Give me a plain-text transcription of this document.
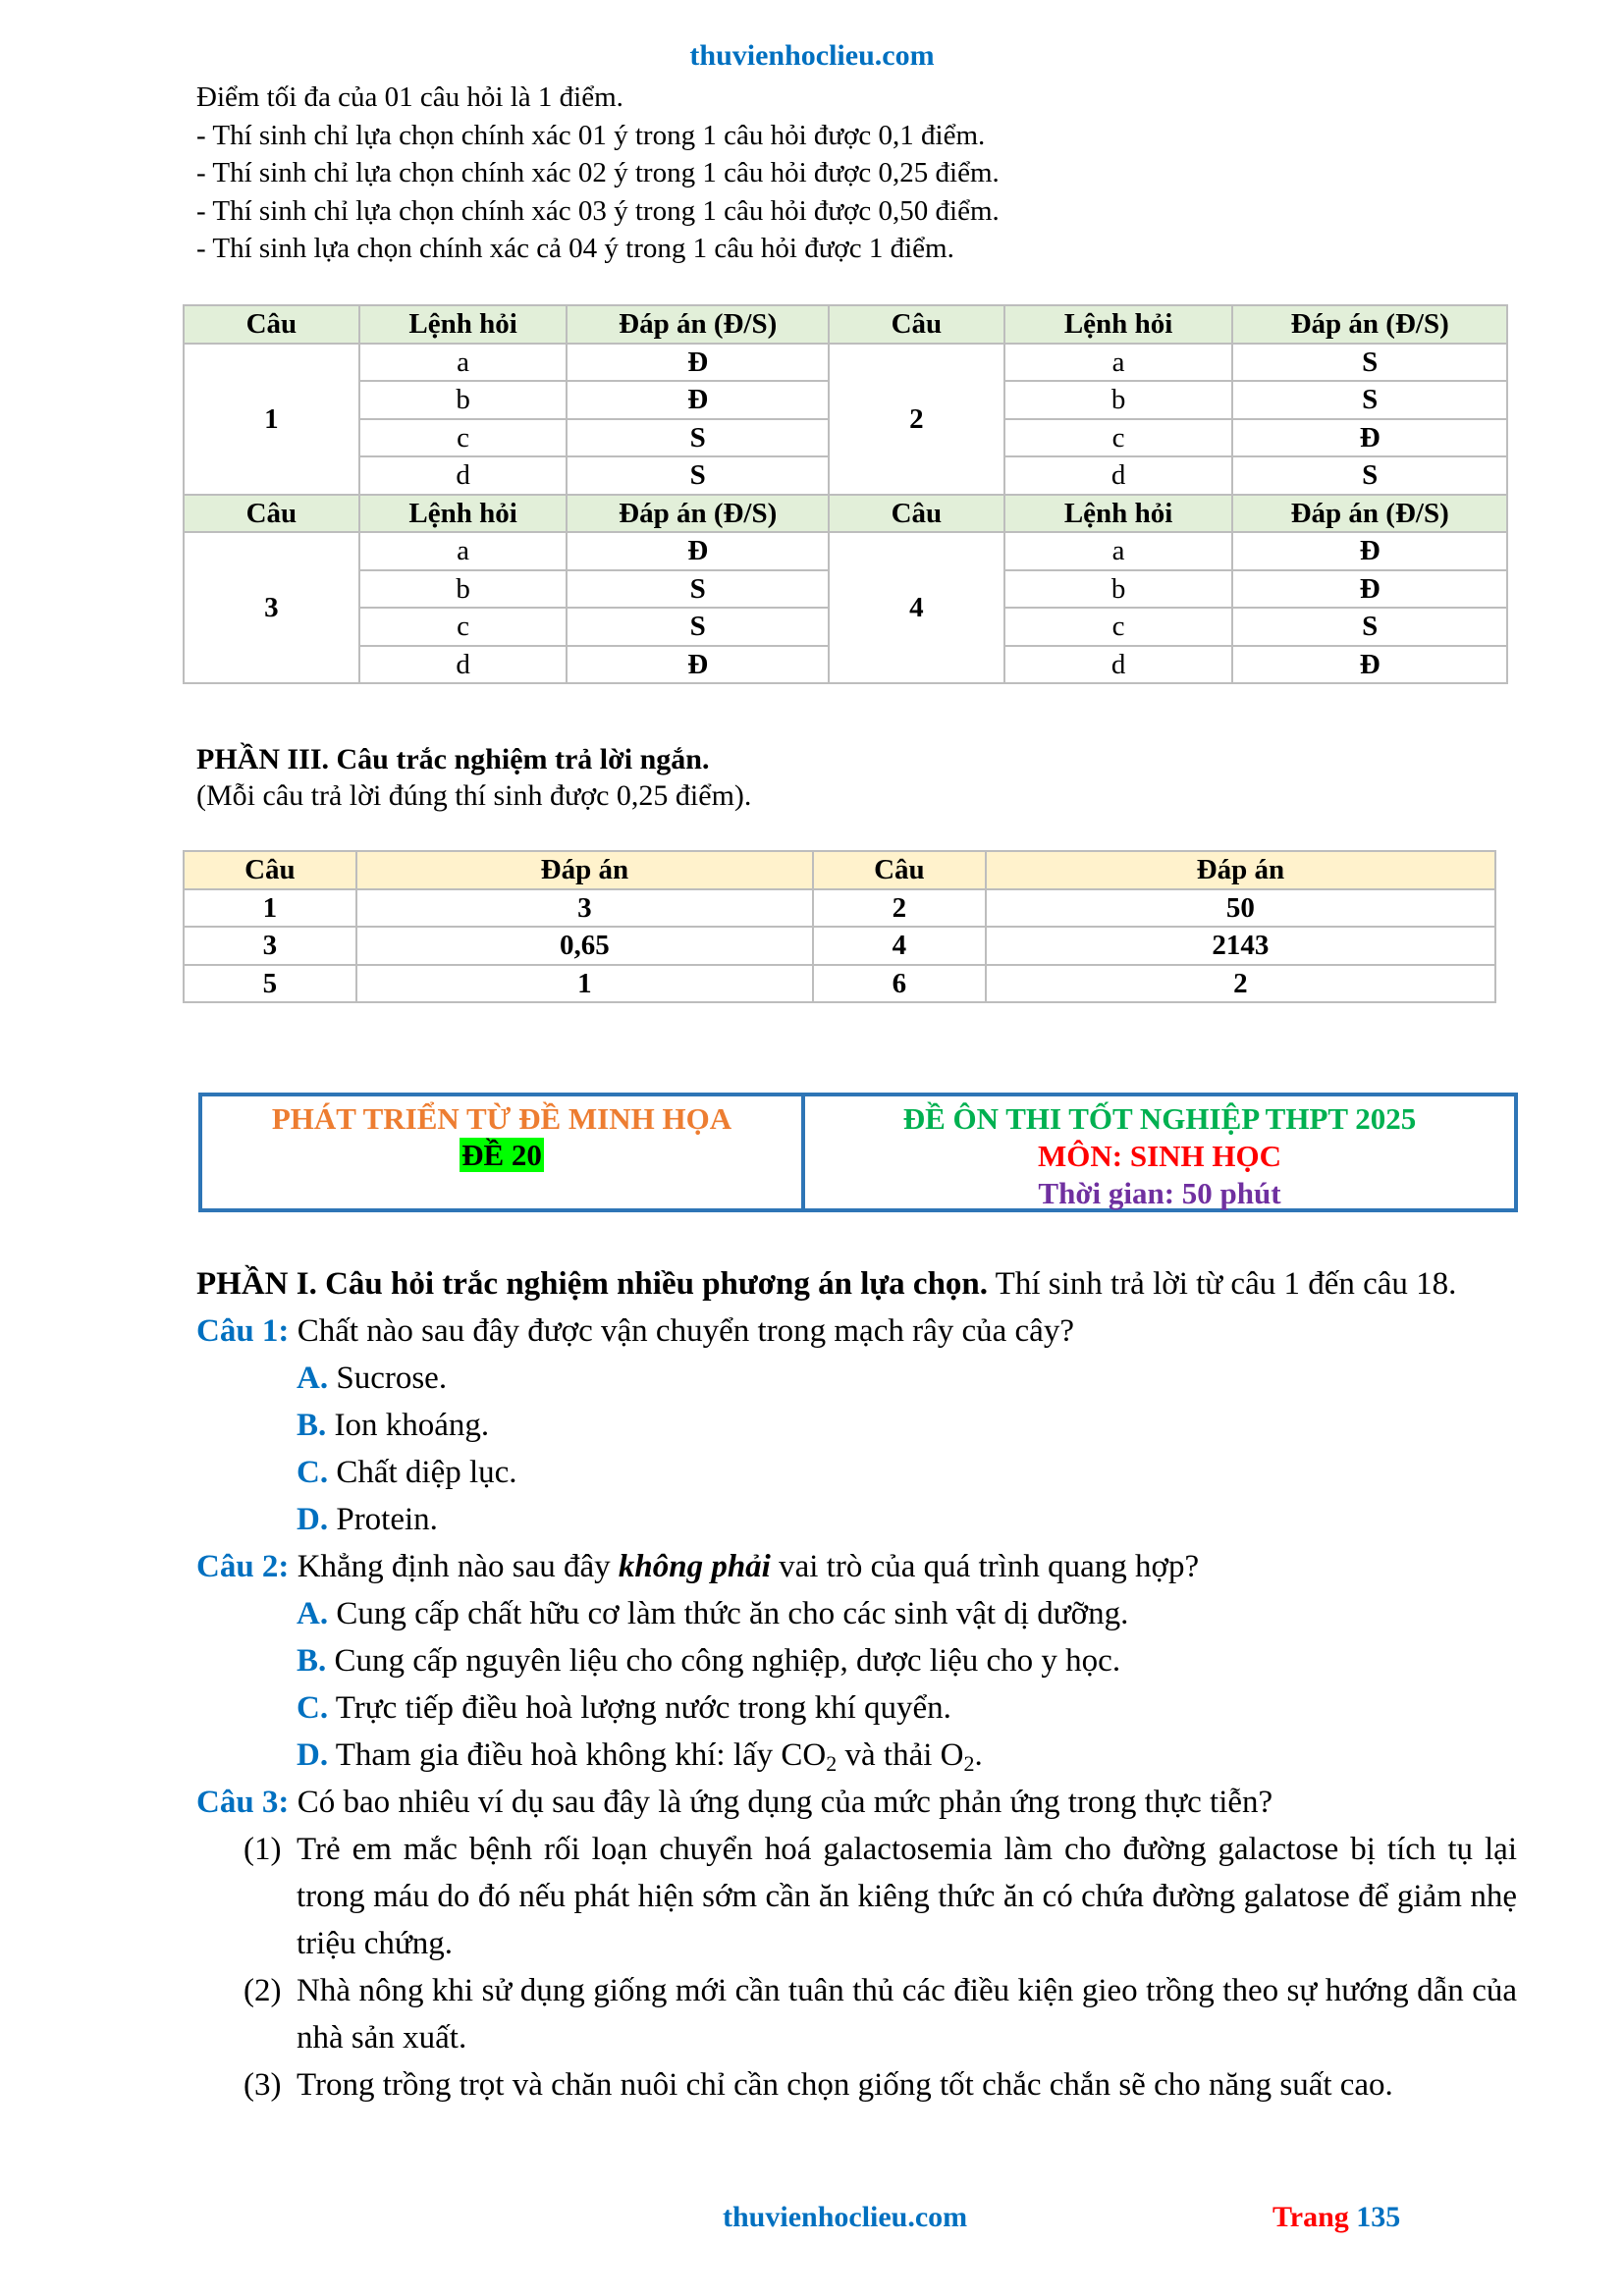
thuvienhoclieu.com
Điểm tối đa của 01 câu hỏi là 1 điểm.
- Thí sinh chỉ lựa chọn chính xác 01 ý trong 1 câu hỏi được 0,1 điểm.
- Thí sinh chỉ lựa chọn chính xác 02 ý trong 1 câu hỏi được 0,25 điểm.
- Thí sinh chỉ lựa chọn chính xác 03 ý trong 1 câu hỏi được 0,50 điểm.
- Thí sinh lựa chọn chính xác cả 04 ý trong 1 câu hỏi được 1 điểm.
Câu	Lệnh hỏi	Đáp án (Đ/S)	Câu	Lệnh hỏi	Đáp án (Đ/S)
1	a	Đ	2	a	S
	b	Đ		b	S
	c	S		c	Đ
	d	S		d	S
Câu	Lệnh hỏi	Đáp án (Đ/S)	Câu	Lệnh hỏi	Đáp án (Đ/S)
3	a	Đ	4	a	Đ
	b	S		b	Đ
	c	S		c	S
	d	Đ		d	Đ
PHẦN III. Câu trắc nghiệm trả lời ngắn.
(Mỗi câu trả lời đúng thí sinh được 0,25 điểm).
Câu	Đáp án	Câu	Đáp án
1	3	2	50
3	0,65	4	2143
5	1	6	2
PHÁT TRIỂN TỪ ĐỀ MINH HỌA
ĐỀ 20
ĐỀ ÔN THI TỐT NGHIỆP THPT 2025
MÔN: SINH HỌC
Thời gian: 50 phút

PHẦN I. Câu hỏi trắc nghiệm nhiều phương án lựa chọn. Thí sinh trả lời từ câu 1 đến câu 18.

Câu 1: Chất nào sau đây được vận chuyển trong mạch rây của cây?

A. Sucrose.

B. Ion khoáng.

C. Chất diệp lục.

D. Protein.

Câu 2: Khẳng định nào sau đây không phải vai trò của quá trình quang hợp?

A. Cung cấp chất hữu cơ làm thức ăn cho các sinh vật dị dưỡng.

B. Cung cấp nguyên liệu cho công nghiệp, dược liệu cho y học.

C. Trực tiếp điều hoà lượng nước trong khí quyển.

D. Tham gia điều hoà không khí: lấy $CO_2$ và thải $O_2$.

Câu 3: Có bao nhiêu ví dụ sau đây là ứng dụng của mức phản ứng trong thực tiễn?

(1) Trẻ em mắc bệnh rối loạn chuyển hoá galactosemia làm cho đường galactose bị tích tụ lại trong máu do đó nếu phát hiện sớm cần ăn kiêng thức ăn có chứa đường galatose để giảm nhẹ triệu chứng.
(2) Nhà nông khi sử dụng giống mới cần tuân thủ các điều kiện gieo trồng theo sự hướng dẫn của nhà sản xuất.
(3) Trong trồng trọt và chăn nuôi chỉ cần chọn giống tốt chắc chắn sẽ cho năng suất cao.
thuvienhoclieu.com	Trang 135
